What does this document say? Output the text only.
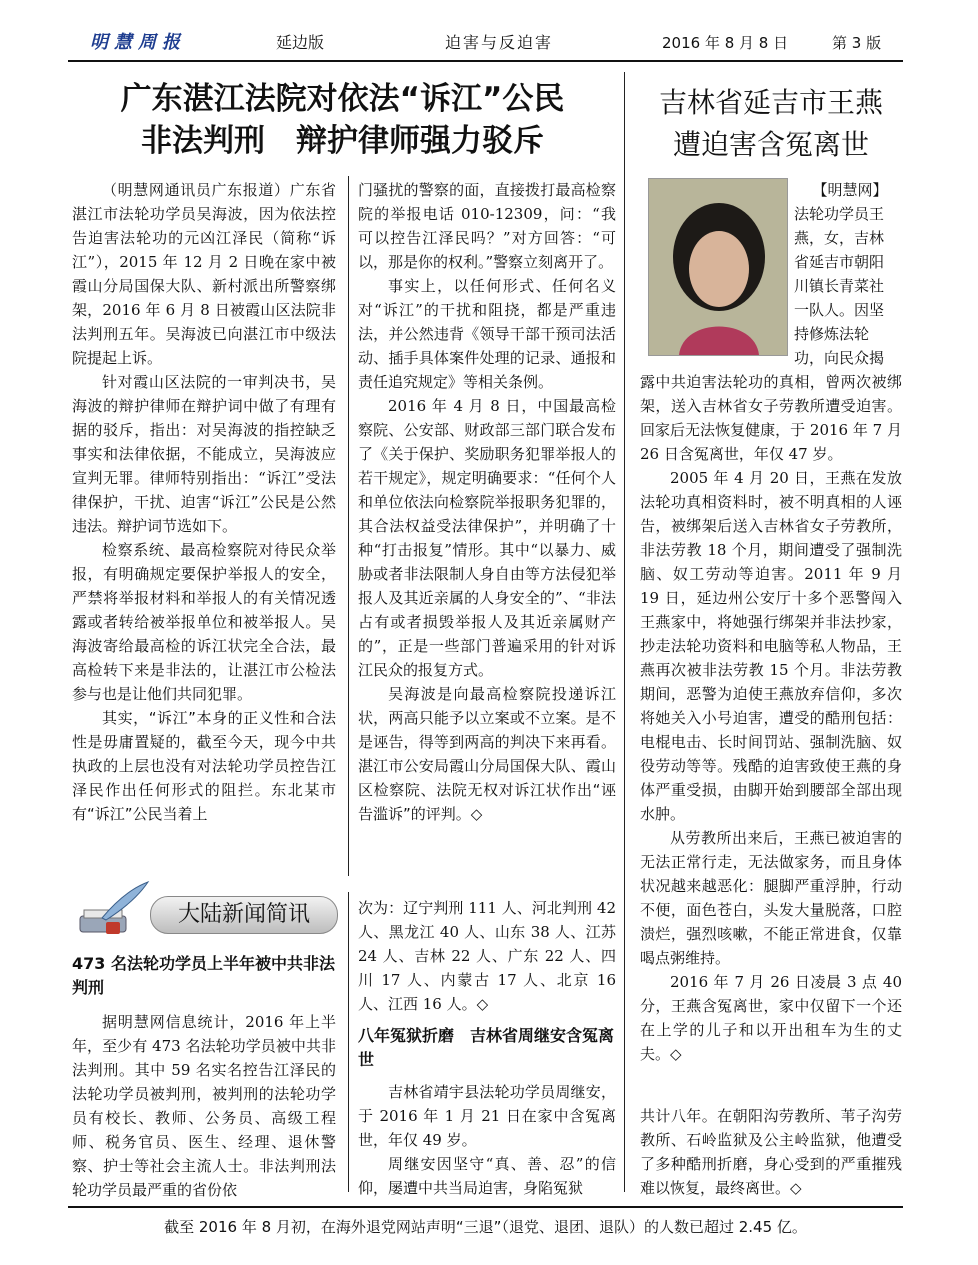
明慧周报	延边版	迫害与反迫害	2016 年 8 月 8 日	第 3 版
广东湛江法院对依法“诉江”公民
非法判刑　辩护律师强力驳斥

（明慧网通讯员广东报道）广东省湛江市法轮功学员吴海波，因为依法控告迫害法轮功的元凶江泽民（简称“诉江”），2015 年 12 月 2 日晚在家中被霞山分局国保大队、新村派出所警察绑架，2016 年 6 月 8 日被霞山区法院非法判刑五年。吴海波已向湛江市中级法院提起上诉。

针对霞山区法院的一审判决书，吴海波的辩护律师在辩护词中做了有理有据的驳斥，指出：对吴海波的指控缺乏事实和法律依据，不能成立，吴海波应宣判无罪。律师特别指出：“诉江”受法律保护，干扰、迫害“诉江”公民是公然违法。辩护词节选如下。

检察系统、最高检察院对待民众举报，有明确规定要保护举报人的安全，严禁将举报材料和举报人的有关情况透露或者转给被举报单位和被举报人。吴海波寄给最高检的诉江状完全合法，最高检转下来是非法的，让湛江市公检法参与也是让他们共同犯罪。

其实，“诉江”本身的正义性和合法性是毋庸置疑的，截至今天，现今中共执政的上层也没有对法轮功学员控告江泽民作出任何形式的阻拦。东北某市有“诉江”公民当着上

门骚扰的警察的面，直接拨打最高检察院的举报电话 010-12309，问：“我可以控告江泽民吗？”对方回答：“可以，那是你的权利。”警察立刻离开了。

事实上，以任何形式、任何名义对“诉江”的干扰和阻挠，都是严重违法，并公然违背《领导干部干预司法活动、插手具体案件处理的记录、通报和责任追究规定》等相关条例。

2016 年 4 月 8 日，中国最高检察院、公安部、财政部三部门联合发布了《关于保护、奖励职务犯罪举报人的若干规定》，规定明确要求：“任何个人和单位依法向检察院举报职务犯罪的，其合法权益受法律保护”，并明确了十种“打击报复”情形。其中“以暴力、威胁或者非法限制人身自由等方法侵犯举报人及其近亲属的人身安全的”、“非法占有或者损毁举报人及其近亲属财产的”，正是一些部门普遍采用的针对诉江民众的报复方式。

吴海波是向最高检察院投递诉江状，两高只能予以立案或不立案。是不是诬告，得等到两高的判决下来再看。湛江市公安局霞山分局国保大队、霞山区检察院、法院无权对诉江状作出“诬告滥诉”的评判。◇

大陆新闻简讯
473 名法轮功学员上半年被中共非法判刑

据明慧网信息统计，2016 年上半年，至少有 473 名法轮功学员被中共非法判刑。其中 59 名实名控告江泽民的法轮功学员被判刑，被判刑的法轮功学员有校长、教师、公务员、高级工程师、税务官员、医生、经理、退休警察、护士等社会主流人士。非法判刑法轮功学员最严重的省份依

次为：辽宁判刑 111 人、河北判刑 42 人、黑龙江 40 人、山东 38 人、江苏 24 人、吉林 22 人、广东 22 人、四川 17 人、内蒙古 17 人、北京 16 人、江西 16 人。◇

八年冤狱折磨　吉林省周继安含冤离世

吉林省靖宇县法轮功学员周继安，于 2016 年 1 月 21 日在家中含冤离世，年仅 49 岁。

周继安因坚守“真、善、忍”的信仰，屡遭中共当局迫害，身陷冤狱

共计八年。在朝阳沟劳教所、苇子沟劳教所、石岭监狱及公主岭监狱，他遭受了多种酷刑折磨，身心受到的严重摧残难以恢复，最终离世。◇

吉林省延吉市王燕
遭迫害含冤离世
【明慧网】
法轮功学员王
燕，女，吉林
省延吉市朝阳
川镇长青菜社
一队人。因坚
持修炼法轮
功，向民众揭

露中共迫害法轮功的真相，曾两次被绑架，送入吉林省女子劳教所遭受迫害。回家后无法恢复健康，于 2016 年 7 月 26 日含冤离世，年仅 47 岁。

2005 年 4 月 20 日，王燕在发放法轮功真相资料时，被不明真相的人诬告，被绑架后送入吉林省女子劳教所，非法劳教 18 个月，期间遭受了强制洗脑、奴工劳动等迫害。2011 年 9 月 19 日，延边州公安厅十多个恶警闯入王燕家中，将她强行绑架并非法抄家，抄走法轮功资料和电脑等私人物品，王燕再次被非法劳教 15 个月。非法劳教期间，恶警为迫使王燕放弃信仰，多次将她关入小号迫害，遭受的酷刑包括：电棍电击、长时间罚站、强制洗脑、奴役劳动等等。残酷的迫害致使王燕的身体严重受损，由脚开始到腰部全部出现水肿。

从劳教所出来后，王燕已被迫害的无法正常行走，无法做家务，而且身体状况越来越恶化：腿脚严重浮肿，行动不便，面色苍白，头发大量脱落，口腔溃烂，强烈咳嗽，不能正常进食，仅靠喝点粥维持。

2016 年 7 月 26 日凌晨 3 点 40 分，王燕含冤离世，家中仅留下一个还在上学的儿子和以开出租车为生的丈夫。◇

截至 2016 年 8 月初，在海外退党网站声明“三退”（退党、退团、退队）的人数已超过 2.45 亿。
